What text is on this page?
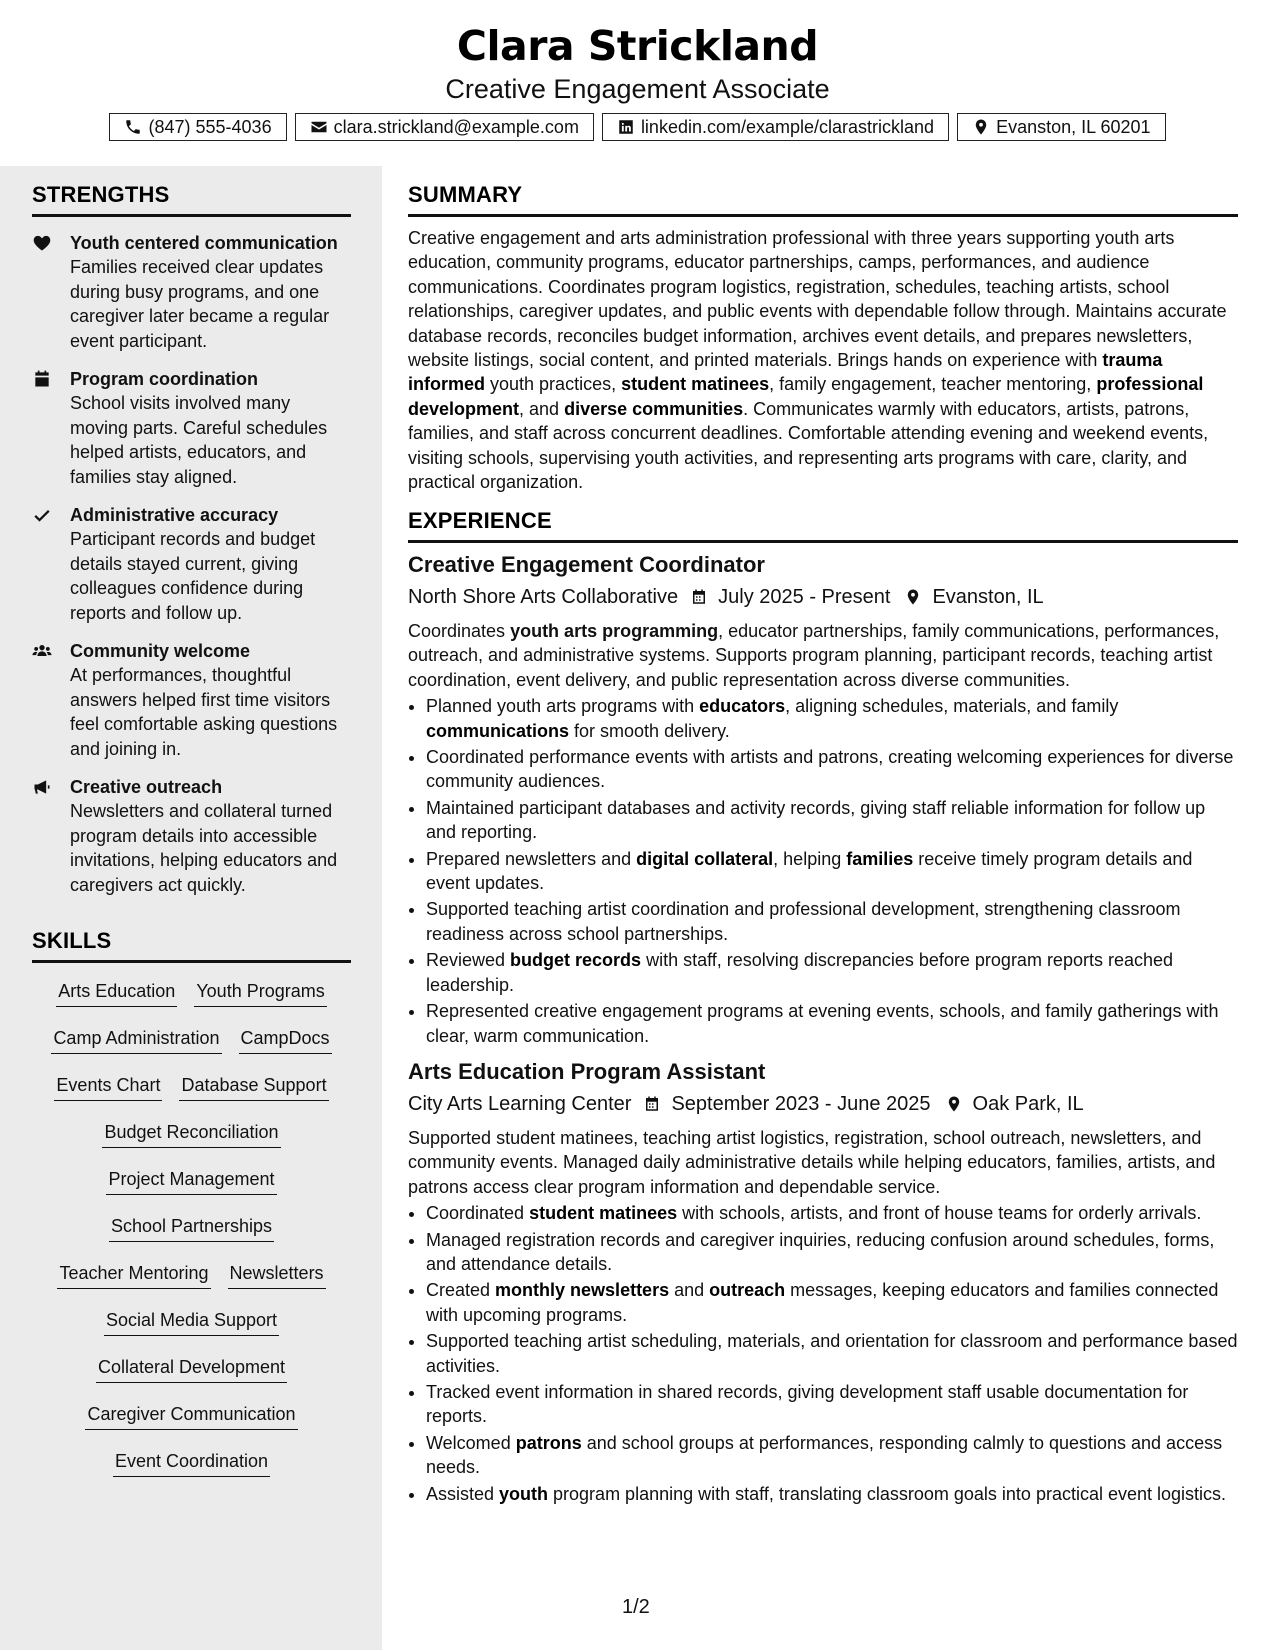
Clara Strickland
Creative Engagement Associate
(847) 555-4036	clara.strickland@example.com	linkedin.com/example/clarastrickland	Evanston, IL 60201
STRENGTHS
Youth centered communication
Families received clear updates during busy programs, and one caregiver later became a regular event participant.
Program coordination
School visits involved many moving parts. Careful schedules helped artists, educators, and families stay aligned.
Administrative accuracy
Participant records and budget details stayed current, giving colleagues confidence during reports and follow up.
Community welcome
At performances, thoughtful answers helped first time visitors feel comfortable asking questions and joining in.
Creative outreach
Newsletters and collateral turned program details into accessible invitations, helping educators and caregivers act quickly.
SKILLS
Arts Education Youth Programs
Camp Administration CampDocs
Events Chart Database Support
Budget Reconciliation
Project Management
School Partnerships
Teacher Mentoring Newsletters
Social Media Support
Collateral Development
Caregiver Communication
Event Coordination
SUMMARY
Creative engagement and arts administration professional with three years supporting youth arts education, community programs, educator partnerships, camps, performances, and audience communications. Coordinates program logistics, registration, schedules, teaching artists, school relationships, caregiver updates, and public events with dependable follow through. Maintains accurate database records, reconciles budget information, archives event details, and prepares newsletters, website listings, social content, and printed materials. Brings hands on experience with trauma informed youth practices, student matinees, family engagement, teacher mentoring, professional development, and diverse communities. Communicates warmly with educators, artists, patrons, families, and staff across concurrent deadlines. Comfortable attending evening and weekend events, visiting schools, supervising youth activities, and representing arts programs with care, clarity, and practical organization.
EXPERIENCE
Creative Engagement Coordinator
North Shore Arts Collaborative July 2025 - Present Evanston, IL
Coordinates youth arts programming, educator partnerships, family communications, performances, outreach, and administrative systems. Supports program planning, participant records, teaching artist coordination, event delivery, and public representation across diverse communities.
• Planned youth arts programs with educators, aligning schedules, materials, and family communications for smooth delivery.
• Coordinated performance events with artists and patrons, creating welcoming experiences for diverse community audiences.
• Maintained participant databases and activity records, giving staff reliable information for follow up and reporting.
• Prepared newsletters and digital collateral, helping families receive timely program details and event updates.
• Supported teaching artist coordination and professional development, strengthening classroom readiness across school partnerships.
• Reviewed budget records with staff, resolving discrepancies before program reports reached leadership.
• Represented creative engagement programs at evening events, schools, and family gatherings with clear, warm communication.
Arts Education Program Assistant
City Arts Learning Center September 2023 - June 2025 Oak Park, IL
Supported student matinees, teaching artist logistics, registration, school outreach, newsletters, and community events. Managed daily administrative details while helping educators, families, artists, and patrons access clear program information and dependable service.
• Coordinated student matinees with schools, artists, and front of house teams for orderly arrivals.
• Managed registration records and caregiver inquiries, reducing confusion around schedules, forms, and attendance details.
• Created monthly newsletters and outreach messages, keeping educators and families connected with upcoming programs.
• Supported teaching artist scheduling, materials, and orientation for classroom and performance based activities.
• Tracked event information in shared records, giving development staff usable documentation for reports.
• Welcomed patrons and school groups at performances, responding calmly to questions and access needs.
• Assisted youth program planning with staff, translating classroom goals into practical event logistics.
1/2
